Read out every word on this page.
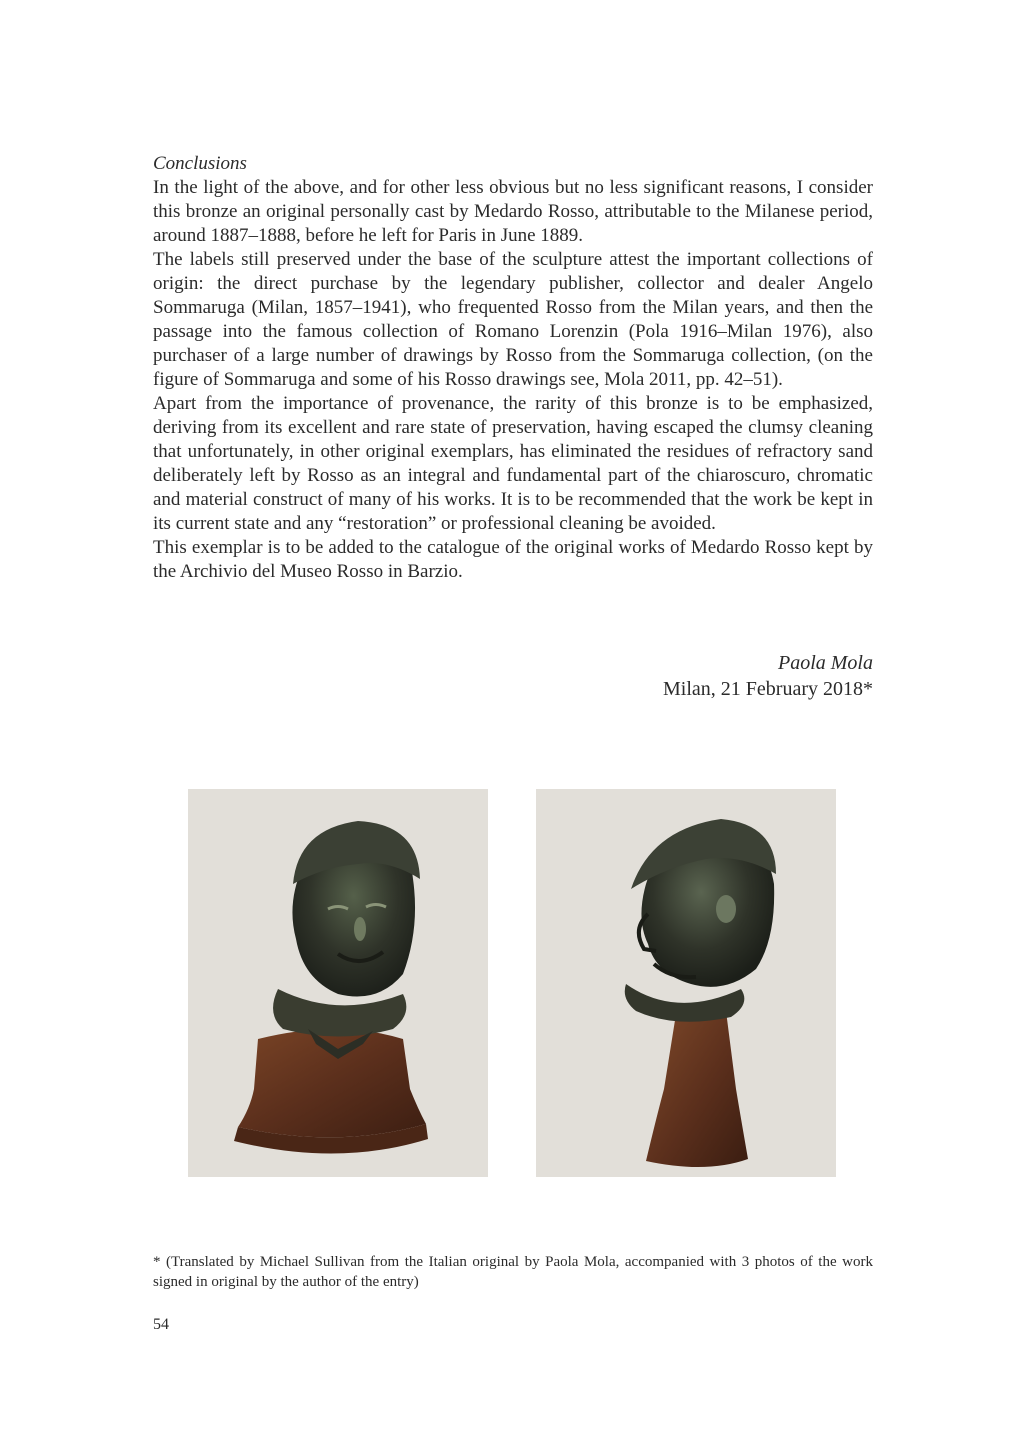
Conclusions

In the light of the above, and for other less obvious but no less significant reasons, I consider this bronze an original personally cast by Medardo Rosso, attributable to the Milanese period, around 1887–1888, before he left for Paris in June 1889.

The labels still preserved under the base of the sculpture attest the important collections of origin: the direct purchase by the legendary publisher, collector and dealer Angelo Sommaruga (Milan, 1857–1941), who frequented Rosso from the Milan years, and then the passage into the famous collection of Romano Lorenzin (Pola 1916–Milan 1976), also purchaser of a large number of drawings by Rosso from the Sommaruga collection, (on the figure of Sommaruga and some of his Rosso drawings see, Mola 2011, pp. 42–51).

Apart from the importance of provenance, the rarity of this bronze is to be emphasized, deriving from its excellent and rare state of preservation, having escaped the clumsy cleaning that unfortunately, in other original exemplars, has eliminated the residues of refractory sand deliberately left by Rosso as an integral and fundamental part of the chiaroscuro, chromatic and material construct of many of his works. It is to be recommended that the work be kept in its current state and any “restoration” or professional cleaning be avoided.

This exemplar is to be added to the catalogue of the original works of Medardo Rosso kept by the Archivio del Museo Rosso in Barzio.

Paola Mola
Milan, 21 February 2018*
* (Translated by Michael Sullivan from the Italian original by Paola Mola, accompanied with 3 photos of the work signed in original by the author of the entry)
54
